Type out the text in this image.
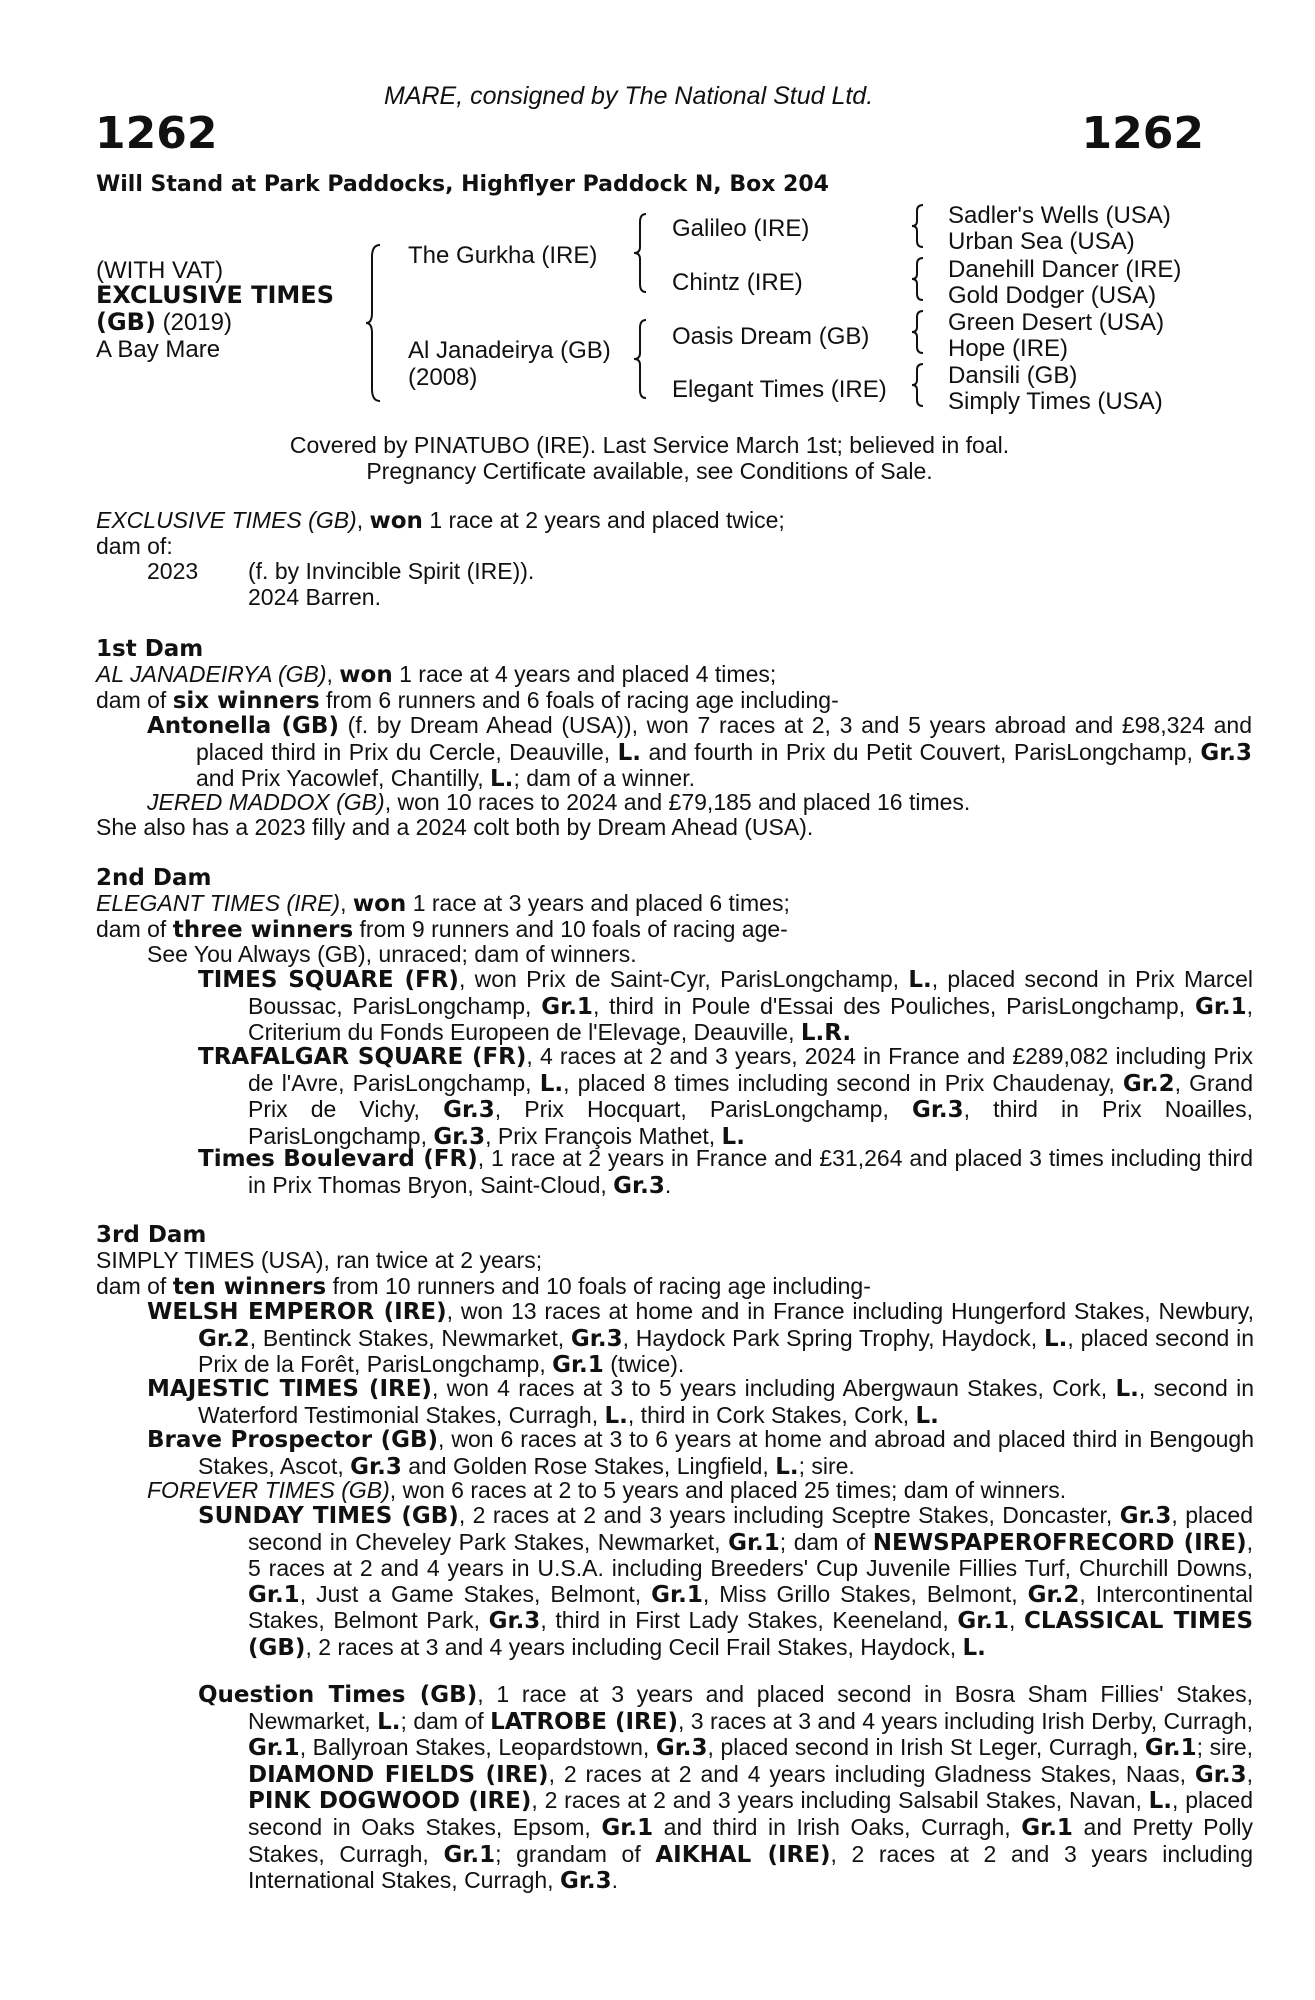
MARE, consigned by The National Stud Ltd.
1262	1262
Will Stand at Park Paddocks, Highflyer Paddock N, Box 204
(WITH VAT)
EXCLUSIVE TIMES
(GB) (2019)
A Bay Mare
The Gurkha (IRE)
Al Janadeirya (GB)
(2008)
Galileo (IRE)
Chintz (IRE)
Oasis Dream (GB)
Elegant Times (IRE)
Sadler's Wells (USA)
Urban Sea (USA)
Danehill Dancer (IRE)
Gold Dodger (USA)
Green Desert (USA)
Hope (IRE)
Dansili (GB)
Simply Times (USA)
Covered by PINATUBO (IRE). Last Service March 1st; believed in foal.
Pregnancy Certificate available, see Conditions of Sale.
EXCLUSIVE TIMES (GB), won 1 race at 2 years and placed twice;
dam of:
2023 (f. by Invincible Spirit (IRE)).
2024 Barren.
1st Dam
AL JANADEIRYA (GB), won 1 race at 4 years and placed 4 times;
dam of six winners from 6 runners and 6 foals of racing age including-
Antonella (GB) (f. by Dream Ahead (USA)), won 7 races at 2, 3 and 5 years abroad and £98,324 and placed third in Prix du Cercle, Deauville, L. and fourth in Prix du Petit Couvert, ParisLongchamp, Gr.3 and Prix Yacowlef, Chantilly, L.; dam of a winner.
JERED MADDOX (GB), won 10 races to 2024 and £79,185 and placed 16 times.
She also has a 2023 filly and a 2024 colt both by Dream Ahead (USA).
2nd Dam
ELEGANT TIMES (IRE), won 1 race at 3 years and placed 6 times;
dam of three winners from 9 runners and 10 foals of racing age-
See You Always (GB), unraced; dam of winners.
TIMES SQUARE (FR), won Prix de Saint-Cyr, ParisLongchamp, L., placed second in Prix Marcel Boussac, ParisLongchamp, Gr.1, third in Poule d'Essai des Pouliches, ParisLongchamp, Gr.1, Criterium du Fonds Europeen de l'Elevage, Deauville, L.R.
TRAFALGAR SQUARE (FR), 4 races at 2 and 3 years, 2024 in France and £289,082 including Prix de l'Avre, ParisLongchamp, L., placed 8 times including second in Prix Chaudenay, Gr.2, Grand Prix de Vichy, Gr.3, Prix Hocquart, ParisLongchamp, Gr.3, third in Prix Noailles, ParisLongchamp, Gr.3, Prix François Mathet, L.
Times Boulevard (FR), 1 race at 2 years in France and £31,264 and placed 3 times including third in Prix Thomas Bryon, Saint-Cloud, Gr.3.
3rd Dam
SIMPLY TIMES (USA), ran twice at 2 years;
dam of ten winners from 10 runners and 10 foals of racing age including-
WELSH EMPEROR (IRE), won 13 races at home and in France including Hungerford Stakes, Newbury, Gr.2, Bentinck Stakes, Newmarket, Gr.3, Haydock Park Spring Trophy, Haydock, L., placed second in Prix de la Forêt, ParisLongchamp, Gr.1 (twice).
MAJESTIC TIMES (IRE), won 4 races at 3 to 5 years including Abergwaun Stakes, Cork, L., second in Waterford Testimonial Stakes, Curragh, L., third in Cork Stakes, Cork, L.
Brave Prospector (GB), won 6 races at 3 to 6 years at home and abroad and placed third in Bengough Stakes, Ascot, Gr.3 and Golden Rose Stakes, Lingfield, L.; sire.
FOREVER TIMES (GB), won 6 races at 2 to 5 years and placed 25 times; dam of winners.
SUNDAY TIMES (GB), 2 races at 2 and 3 years including Sceptre Stakes, Doncaster, Gr.3, placed second in Cheveley Park Stakes, Newmarket, Gr.1; dam of NEWSPAPEROFRECORD (IRE), 5 races at 2 and 4 years in U.S.A. including Breeders' Cup Juvenile Fillies Turf, Churchill Downs, Gr.1, Just a Game Stakes, Belmont, Gr.1, Miss Grillo Stakes, Belmont, Gr.2, Intercontinental Stakes, Belmont Park, Gr.3, third in First Lady Stakes, Keeneland, Gr.1, CLASSICAL TIMES (GB), 2 races at 3 and 4 years including Cecil Frail Stakes, Haydock, L.
Question Times (GB), 1 race at 3 years and placed second in Bosra Sham Fillies' Stakes, Newmarket, L.; dam of LATROBE (IRE), 3 races at 3 and 4 years including Irish Derby, Curragh, Gr.1, Ballyroan Stakes, Leopardstown, Gr.3, placed second in Irish St Leger, Curragh, Gr.1; sire, DIAMOND FIELDS (IRE), 2 races at 2 and 4 years including Gladness Stakes, Naas, Gr.3, PINK DOGWOOD (IRE), 2 races at 2 and 3 years including Salsabil Stakes, Navan, L., placed second in Oaks Stakes, Epsom, Gr.1 and third in Irish Oaks, Curragh, Gr.1 and Pretty Polly Stakes, Curragh, Gr.1; grandam of AIKHAL (IRE), 2 races at 2 and 3 years including International Stakes, Curragh, Gr.3.
